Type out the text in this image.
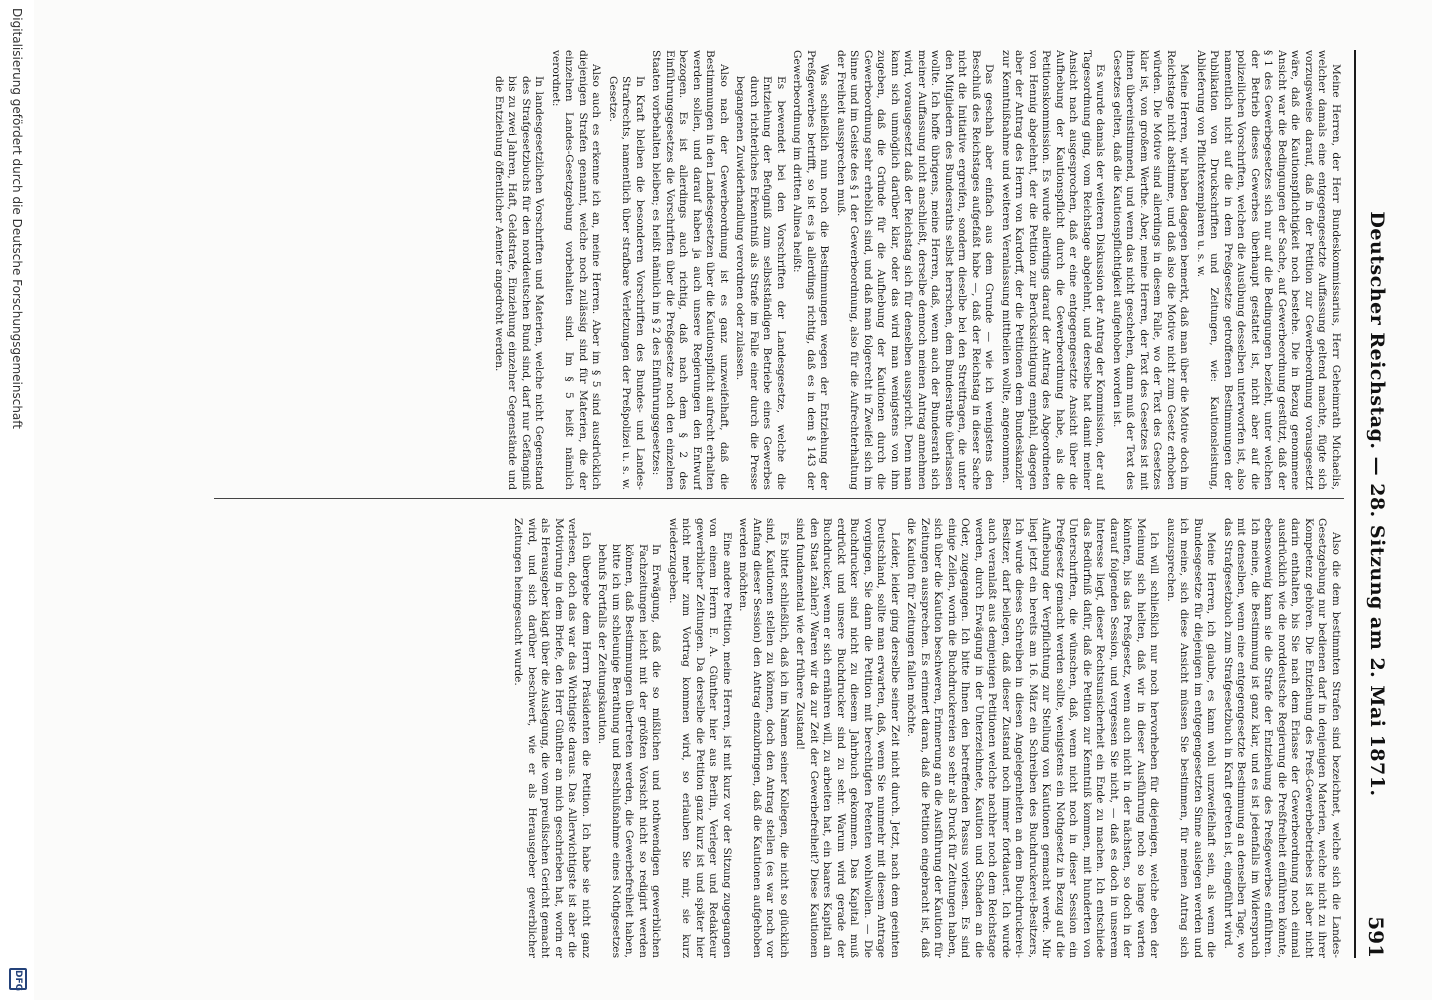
Deutscher Reichstag. — 28. Sitzung am 2. Mai 1871.
591

Meine Herren, der Herr Bundeskommissarius, Herr Geheimrath Michaelis, welcher damals eine entgegengesetzte Auffassung geltend machte, fügte sich vorzugsweise darauf, daß in der Petition zur Gewerbeordnung vorausgesetzt wäre, daß die Kautionspflichtigkeit noch bestehe. Die in Bezug genommene Ansicht war die Bedingungen der Sache, auf Gewerbeordnung gestützt, daß der § 1 des Gewerbegesetzes sich nur auf die Bedingungen bezieht, unter welchen der Betrieb dieses Gewerbes überhaupt gestattet ist, nicht aber auf die polizeilichen Vorschriften, welchen die Ausübung desselben unterworfen ist, also namentlich nicht auf die in dem Preßgesetze getroffenen Bestimmungen der Publikation von Druckschriften und Zeitungen, wie: Kautionsleistung, Ablieferung von Pflichtexemplaren u. s. w.

Meine Herren, wir haben dagegen bemerkt, daß man über die Motive doch im Reichstage nicht abstimme, und daß also die Motive nicht zum Gesetz erhoben würden. Die Motive sind allerdings in diesem Falle, wo der Text des Gesetzes klar ist, von großem Werthe. Aber, meine Herren, der Text des Gesetzes ist mit ihnen übereinstimmend, und wenn das nicht geschehen, dann muß der Text des Gesetzes gelten, daß die Kautionspflichtigkeit aufgehoben worden ist.

Es wurde damals der weiteren Diskussion der Antrag der Kommission, der auf Tagesordnung ging, vom Reichstage abgelehnt, und derselbe hat damit meiner Ansicht nach ausgesprochen, daß er eine entgegengesetzte Ansicht über die Aufhebung der Kautionspflicht durch die Gewerbeordnung habe, als die Petitionskommission. Es wurde allerdings darauf der Antrag des Abgeordneten von Hennig abgelehnt, der die Petition zur Berücksichtigung empfahl, dagegen aber der Antrag des Herrn von Kardorff, der die Petitionen dem Bundeskanzler zur Kenntnißnahme und weiteren Veranlassung mittheilen wollte, angenommen.

Das geschah aber einfach aus dem Grunde — wie ich wenigstens den Beschluß des Reichstages aufgefaßt habe —, daß der Reichstag in dieser Sache nicht die Initiative ergreifen, sondern dieselbe bei den Streitfragen, die unter den Mitgliedern des Bundesraths selbst herrschen, dem Bundesrathe überlassen wollte. Ich hoffe übrigens, meine Herren, daß, wenn auch der Bundesrath sich meiner Auffassung nicht anschließt, derselbe dennoch meinen Antrag annehmen wird, vorausgesetzt daß der Reichstag sich für denselben ausspricht. Denn man kann sich unmöglich darüber klar, oder das wird man wenigstens von ihm zugeben, daß die Gründe für die Aufhebung der Kautionen durch die Gewerbeordnung sehr erheblich sind, und daß man folgerecht in Zweifel sich im Sinne und im Geiste des § 1 der Gewerbeordnung, also für die Aufrechterhaltung der Freiheit aussprechen muß.

Was schließlich nun noch die Bestimmungen wegen der Entziehung der Preßgewerbes betrifft, so ist es ja allerdings richtig, daß es in dem § 143 der Gewerbeordnung im dritten Alinea heißt:

Es bewendet bei den Vorschriften der Landesgesetze, welche die Entziehung der Befugniß zum selbstständigen Betriebe eines Gewerbes durch richterliches Erkenntniß als Strafe im Falle einer durch die Presse begangenen Zuwiderhandlung verordnen oder zulassen.

Also nach der Gewerbeordnung ist es ganz unzweifelhaft, daß die Bestimmungen in den Landesgesetzen über die Kautionspflicht aufrecht erhalten werden sollen, und darauf haben ja auch unsere Regierungen den Entwurf bezogen. Es ist allerdings auch richtig, daß nach dem § 2 des Einführungsgesetzes die Vorschriften über die Preßgesetze noch den einzelnen Staaten vorbehalten bleiben; es heißt nämlich im § 2 des Einführungsgesetzes:

In Kraft bleiben die besonderen Vorschriften des Bundes- und Landes-Strafrechts, namentlich über strafbare Verletzungen der Preßpolizei u. s. w. Gesetze.

Also auch es erkenne ich an, meine Herren. Aber im § 5 sind ausdrücklich diejenigen Strafen genannt, welche noch zulässig sind für Materien, die der einzelnen Landes-Gesetzgebung vorbehalten sind. Im § 5 heißt nämlich verordnet:

In landesgesetzlichen Vorschriften und Materien, welche nicht Gegenstand des Strafgesetzbuchs für den norddeutschen Bund sind, darf nur Gefängniß bis zu zwei Jahren, Haft, Geldstrafe, Einziehung einzelner Gegenstände und die Entziehung öffentlicher Aemter angedroht werden.

Also die dem bestimmten Strafen sind bezeichnet, welche sich die Landes-Gesetzgebung nur bedienen darf in denjenigen Materien, welche nicht zu ihrer Kompetenz gehören. Die Entziehung des Preß-Gewerbebetriebes ist aber nicht darin enthalten, bis Sie nach dem Erlasse der Gewerbeordnung noch einmal ausdrücklich wie die norddeutsche Regierung die Preßfreiheit einführen könnte, ebensowenig kann sie die Strafe der Entziehung des Preßgewerbes einführen. Ich meine, die Bestimmung ist ganz klar, und es ist jedenfalls im Widerspruch mit denselben, wenn eine entgegengesetzte Bestimmung an denselben Tage, wo das Strafgesetzbuch zum Strafgesetzbuch in Kraft getreten ist, eingeführt wird.

Meine Herren, ich glaube, es kann wohl unzweifelhaft sein, als wenn die Bundesgesetze für diejenigen im entgegengesetzten Sinne auslegen werden und ich meine, sich diese Ansicht müssen Sie bestimmen, für meinen Antrag sich auszusprechen.

Ich will schließlich nur noch hervorheben für diejenigen, welche eben der Meinung sich hielten, daß wir in dieser Ausführung noch so lange warten könnten, bis das Preßgesetz, wenn auch nicht in der nächsten, so doch in der darauf folgenden Session, und vergessen Sie nicht, — daß es doch in unserem Interesse liegt, dieser Rechtsunsicherheit ein Ende zu machen. Ich entschiede das Bedürfniß dafür, daß die Petition zur Kenntniß kommen, mit hunderten von Unterschriften, die wünschen, daß, wenn nicht noch in dieser Session ein Preßgesetz gemacht werden sollte, wenigstens ein Nothgesetz in Bezug auf die Aufhebung der Verpflichtung zur Stellung von Kautionen gemacht werde. Mir liegt jetzt ein bereits am 16. März ein Schreiben des Buchdruckerei-Besitzers, Ich wurde dieses Schreiben in diesen Angelegenheiten an dem Buchdruckerei-Besitzer, darf beilegen, daß dieser Zustand noch immer fortdauert. Ich wurde auch veranlaßt aus demjenigen Petitionen welche nachher noch dem Reichstage werden, durch Erwägung in der Unterzeichnete, Kaution und Schaden an die Oder, zugegangen. Ich bitte Ihnen den betreffenden Passus vorlesen. Es sind einige Zeilen, worin die Buchdruckereien so sehr als Druck für Zeitungen haben, sich über die Kaution beschweren, Erinnerung an die Ausführung der Kaution für Zeitungen aussprechen. Es erinnert daran, daß die Petition eingebracht ist, daß die Kaution für Zeitungen fallen möchte.

Leider, leider ging derselbe seiner Zeit nicht durch. Jetzt, nach dem geeinten Deutschland, sollte man erwarten, daß, wenn Sie nunmehr mit diesem Antrage vorgingen, Sie dann die Petition mit berechtigten Petenten wohlwollen. — Die Buchdrucker sind nicht zu diesem Jahrbuch gekommen. Das Kapital muß erdrückt und unsere Buchdrucker sind zu sehr. Warum wird gerade der Buchdrucker, wenn er sich ernähren will, zu arbeiten hat, ein baares Kapital an den Staat zahlen? Waren wir da zur Zeit der Gewerbefreiheit? Diese Kautionen sind fundamental wie der frühere Zustand!

Es bittet schließlich, daß ich im Namen seiner Kollegen, die nicht so glücklich sind, Kautionen stellen zu können, doch den Antrag stellen (es war noch vor Anfang dieser Session) den Antrag einzubringen, daß die Kautionen aufgehoben werden möchten.

Eine andere Petition, meine Herren, ist mit kurz vor der Sitzung zugegangen von einem Herrn E. A. Günther hier aus Berlin, Verleger und Redakteur gewerblicher Zeitungen. Da derselbe die Petition ganz kurz ist und später hier nicht mehr zum Vortrag kommen wird, so erlauben Sie mir, sie kurz wiederzugeben.

In Erwägung, daß die so mißlichen und nothwendigen gewerblichen Fachzeitungen leicht mit der größten Vorsicht nicht so redigirt werden können, daß Bestimmungen übertreten werden, die Gewerbefreiheit haben, bitte ich um schleunige Berathung und Beschlußnahme eines Nothgesetzes behufs Fortfalls der Zeitungskaution.

Ich übergebe dem Herrn Präsidenten die Petition. Ich habe sie nicht ganz verlesen, doch das war das Wichtigste daraus. Das Allerwichtigste ist aber die Motivirung in dem Briefe, den Herr Günther an mich geschrieben hat, worin er als Herausgeber klagt über die Auslegung, die vom preußischen Gericht gemacht wird, und sich darüber beschwert, wie er als Herausgeber gewerblicher Zeitungen heimgesucht wurde.

Digitalisierung gefördert durch die Deutsche Forschungsgemeinschaft
DFG
